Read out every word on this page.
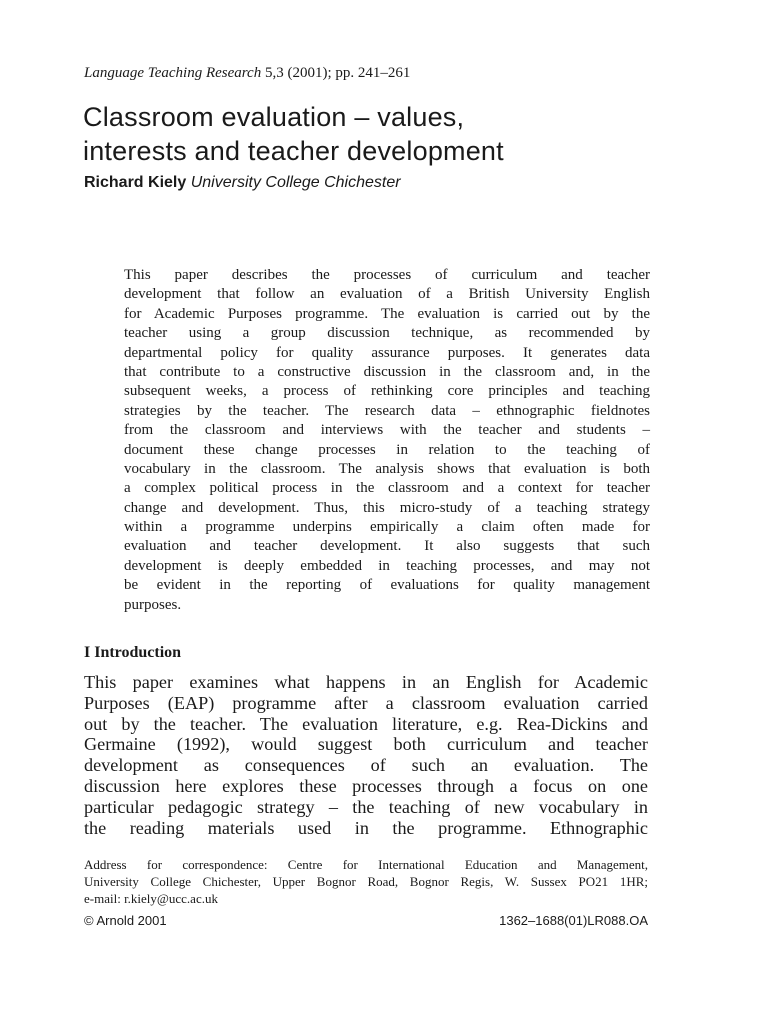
Language Teaching Research 5,3 (2001); pp. 241–261
Classroom evaluation – values,
interests and teacher development
Richard Kiely University College Chichester
This paper describes the processes of curriculum and teacher
development that follow an evaluation of a British University English
for Academic Purposes programme. The evaluation is carried out by the
teacher using a group discussion technique, as recommended by
departmental policy for quality assurance purposes. It generates data
that contribute to a constructive discussion in the classroom and, in the
subsequent weeks, a process of rethinking core principles and teaching
strategies by the teacher. The research data – ethnographic fieldnotes
from the classroom and interviews with the teacher and students –
document these change processes in relation to the teaching of
vocabulary in the classroom. The analysis shows that evaluation is both
a complex political process in the classroom and a context for teacher
change and development. Thus, this micro-study of a teaching strategy
within a programme underpins empirically a claim often made for
evaluation and teacher development. It also suggests that such
development is deeply embedded in teaching processes, and may not
be evident in the reporting of evaluations for quality management
purposes.
I Introduction
This paper examines what happens in an English for Academic
Purposes (EAP) programme after a classroom evaluation carried
out by the teacher. The evaluation literature, e.g. Rea-Dickins and
Germaine (1992), would suggest both curriculum and teacher
development as consequences of such an evaluation. The
discussion here explores these processes through a focus on one
particular pedagogic strategy – the teaching of new vocabulary in
the reading materials used in the programme. Ethnographic
Address for correspondence: Centre for International Education and Management,
University College Chichester, Upper Bognor Road, Bognor Regis, W. Sussex PO21 1HR;
e-mail: r.kiely@ucc.ac.uk
© Arnold 2001	1362–1688(01)LR088.OA
